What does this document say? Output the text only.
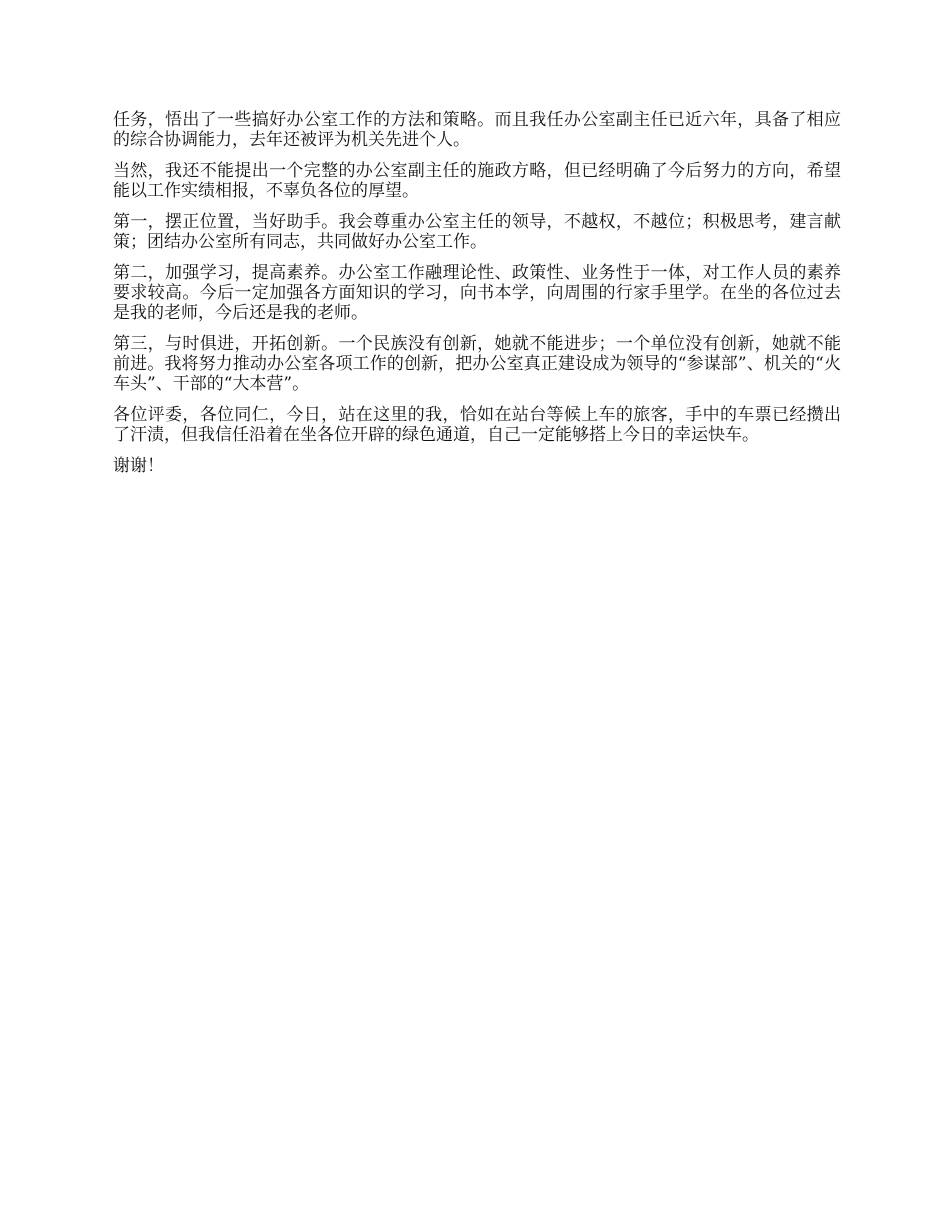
任务，悟出了一些搞好办公室工作的方法和策略。而且我任办公室副主任已近六年，具备了相应的综合协调能力，去年还被评为机关先进个人。

当然，我还不能提出一个完整的办公室副主任的施政方略，但已经明确了今后努力的方向，希望能以工作实绩相报，不辜负各位的厚望。

第一，摆正位置，当好助手。我会尊重办公室主任的领导，不越权，不越位；积极思考，建言献策；团结办公室所有同志，共同做好办公室工作。

第二，加强学习，提高素养。办公室工作融理论性、政策性、业务性于一体，对工作人员的素养要求较高。今后一定加强各方面知识的学习，向书本学，向周围的行家手里学。在坐的各位过去是我的老师，今后还是我的老师。

第三，与时俱进，开拓创新。一个民族没有创新，她就不能进步；一个单位没有创新，她就不能前进。我将努力推动办公室各项工作的创新，把办公室真正建设成为领导的“参谋部”、机关的“火车头”、干部的“大本营”。

各位评委，各位同仁，今日，站在这里的我，恰如在站台等候上车的旅客，手中的车票已经攒出了汗渍，但我信任沿着在坐各位开辟的绿色通道，自己一定能够搭上今日的幸运快车。

谢谢！
